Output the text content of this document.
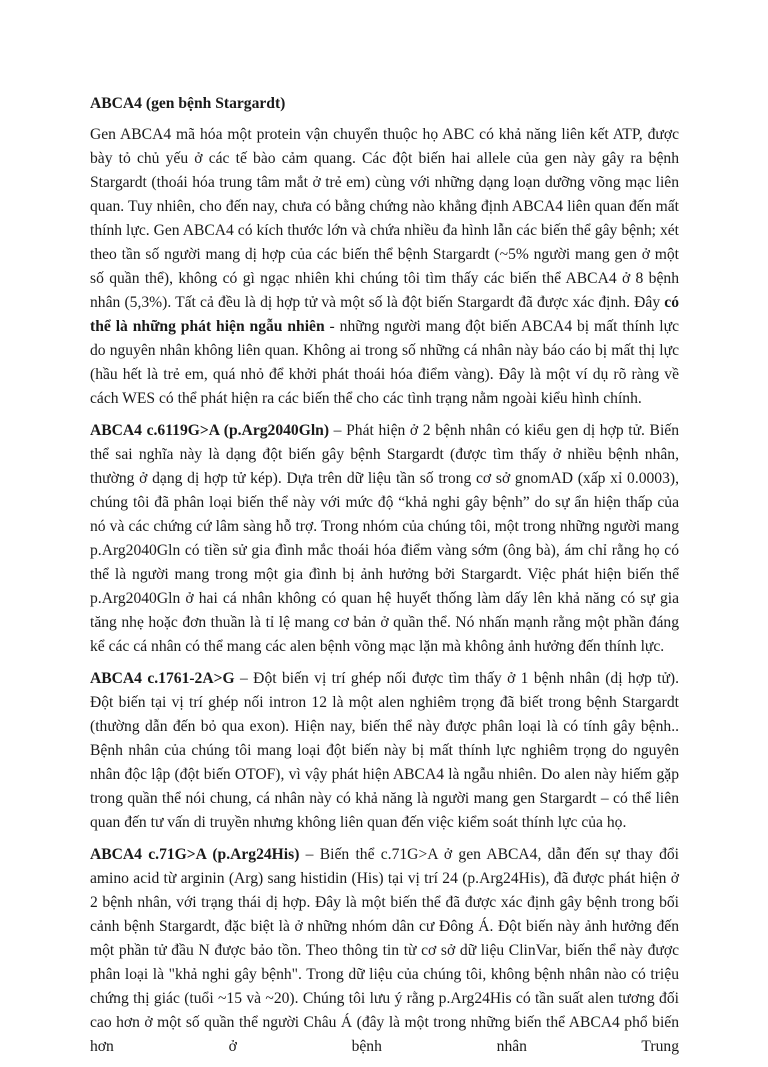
ABCA4 (gen bệnh Stargardt)

Gen ABCA4 mã hóa một protein vận chuyển thuộc họ ABC có khả năng liên kết ATP, được bày tỏ chủ yếu ở các tế bào cảm quang. Các đột biến hai allele của gen này gây ra bệnh Stargardt (thoái hóa trung tâm mắt ở trẻ em) cùng với những dạng loạn dưỡng võng mạc liên quan. Tuy nhiên, cho đến nay, chưa có bằng chứng nào khẳng định ABCA4 liên quan đến mất thính lực. Gen ABCA4 có kích thước lớn và chứa nhiều đa hình lẫn các biến thể gây bệnh; xét theo tần số người mang dị hợp của các biến thể bệnh Stargardt (~5% người mang gen ở một số quần thể), không có gì ngạc nhiên khi chúng tôi tìm thấy các biến thể ABCA4 ở 8 bệnh nhân (5,3%). Tất cả đều là dị hợp tử và một số là đột biến Stargardt đã được xác định. Đây có thể là những phát hiện ngẫu nhiên - những người mang đột biến ABCA4 bị mất thính lực do nguyên nhân không liên quan. Không ai trong số những cá nhân này báo cáo bị mất thị lực (hầu hết là trẻ em, quá nhỏ để khởi phát thoái hóa điểm vàng). Đây là một ví dụ rõ ràng về cách WES có thể phát hiện ra các biến thể cho các tình trạng nằm ngoài kiểu hình chính.

ABCA4 c.6119G>A (p.Arg2040Gln) – Phát hiện ở 2 bệnh nhân có kiểu gen dị hợp tử. Biến thể sai nghĩa này là dạng đột biến gây bệnh Stargardt (được tìm thấy ở nhiều bệnh nhân, thường ở dạng dị hợp tử kép). Dựa trên dữ liệu tần số trong cơ sở gnomAD (xấp xỉ 0.0003), chúng tôi đã phân loại biến thể này với mức độ “khả nghi gây bệnh” do sự ẩn hiện thấp của nó và các chứng cứ lâm sàng hỗ trợ. Trong nhóm của chúng tôi, một trong những người mang p.Arg2040Gln có tiền sử gia đình mắc thoái hóa điểm vàng sớm (ông bà), ám chỉ rằng họ có thể là người mang trong một gia đình bị ảnh hưởng bởi Stargardt. Việc phát hiện biến thể p.Arg2040Gln ở hai cá nhân không có quan hệ huyết thống làm dấy lên khả năng có sự gia tăng nhẹ hoặc đơn thuần là tỉ lệ mang cơ bản ở quần thể. Nó nhấn mạnh rằng một phần đáng kể các cá nhân có thể mang các alen bệnh võng mạc lặn mà không ảnh hưởng đến thính lực.

ABCA4 c.1761-2A>G – Đột biến vị trí ghép nối được tìm thấy ở 1 bệnh nhân (dị hợp tử). Đột biến tại vị trí ghép nối intron 12 là một alen nghiêm trọng đã biết trong bệnh Stargardt (thường dẫn đến bỏ qua exon). Hiện nay, biến thể này được phân loại là có tính gây bệnh.. Bệnh nhân của chúng tôi mang loại đột biến này bị mất thính lực nghiêm trọng do nguyên nhân độc lập (đột biến OTOF), vì vậy phát hiện ABCA4 là ngẫu nhiên. Do alen này hiếm gặp trong quần thể nói chung, cá nhân này có khả năng là người mang gen Stargardt – có thể liên quan đến tư vấn di truyền nhưng không liên quan đến việc kiểm soát thính lực của họ.

ABCA4 c.71G>A (p.Arg24His) – Biến thể c.71G>A ở gen ABCA4, dẫn đến sự thay đổi amino acid từ arginin (Arg) sang histidin (His) tại vị trí 24 (p.Arg24His), đã được phát hiện ở 2 bệnh nhân, với trạng thái dị hợp. Đây là một biến thể đã được xác định gây bệnh trong bối cảnh bệnh Stargardt, đặc biệt là ở những nhóm dân cư Đông Á. Đột biến này ảnh hưởng đến một phần tử đầu N được bảo tồn. Theo thông tin từ cơ sở dữ liệu ClinVar, biến thể này được phân loại là "khả nghi gây bệnh". Trong dữ liệu của chúng tôi, không bệnh nhân nào có triệu chứng thị giác (tuổi ~15 và ~20). Chúng tôi lưu ý rằng p.Arg24His có tần suất alen tương đối cao hơn ở một số quần thể người Châu Á (đây là một trong những biến thể ABCA4 phổ biến hơn ở bệnh nhân Trung
